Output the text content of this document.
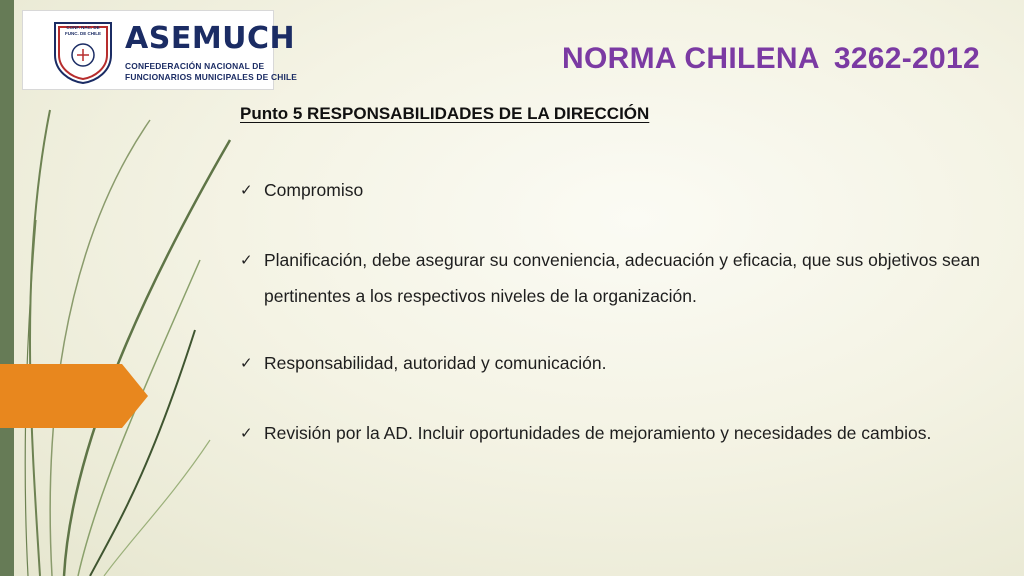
CONF. NAC. DE
FUNC. DE CHILE ASEMUCH
CONFEDERACIÓN NACIONAL DE
FUNCIONARIOS MUNICIPALES DE CHILE
NORMA CHILENA 3262-2012
Punto 5 RESPONSABILIDADES DE LA DIRECCIÓN
✓ Compromiso
✓ Planificación, debe asegurar su conveniencia, adecuación y eficacia, que sus objetivos sean pertinentes a los respectivos niveles de la organización.
✓ Responsabilidad, autoridad y comunicación.
✓ Revisión por la AD. Incluir oportunidades de mejoramiento y necesidades de cambios.
